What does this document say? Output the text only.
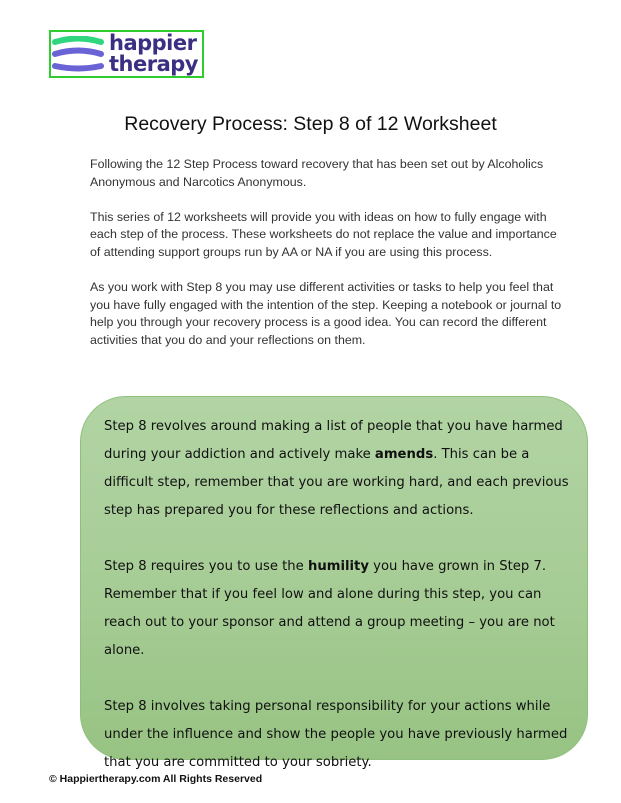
happier
therapy
Recovery Process: Step 8 of 12 Worksheet

Following the 12 Step Process toward recovery that has been set out by Alcoholics Anonymous and Narcotics Anonymous.

This series of 12 worksheets will provide you with ideas on how to fully engage with each step of the process. These worksheets do not replace the value and importance of attending support groups run by AA or NA if you are using this process.

As you work with Step 8 you may use different activities or tasks to help you feel that you have fully engaged with the intention of the step. Keeping a notebook or journal to help you through your recovery process is a good idea. You can record the different activities that you do and your reflections on them.

Step 8 revolves around making a list of people that you have harmed during your addiction and actively make amends. This can be a difficult step, remember that you are working hard, and each previous step has prepared you for these reflections and actions.

Step 8 requires you to use the humility you have grown in Step 7. Remember that if you feel low and alone during this step, you can reach out to your sponsor and attend a group meeting – you are not alone.

Step 8 involves taking personal responsibility for your actions while under the influence and show the people you have previously harmed that you are committed to your sobriety.

© Happiertherapy.com All Rights Reserved
